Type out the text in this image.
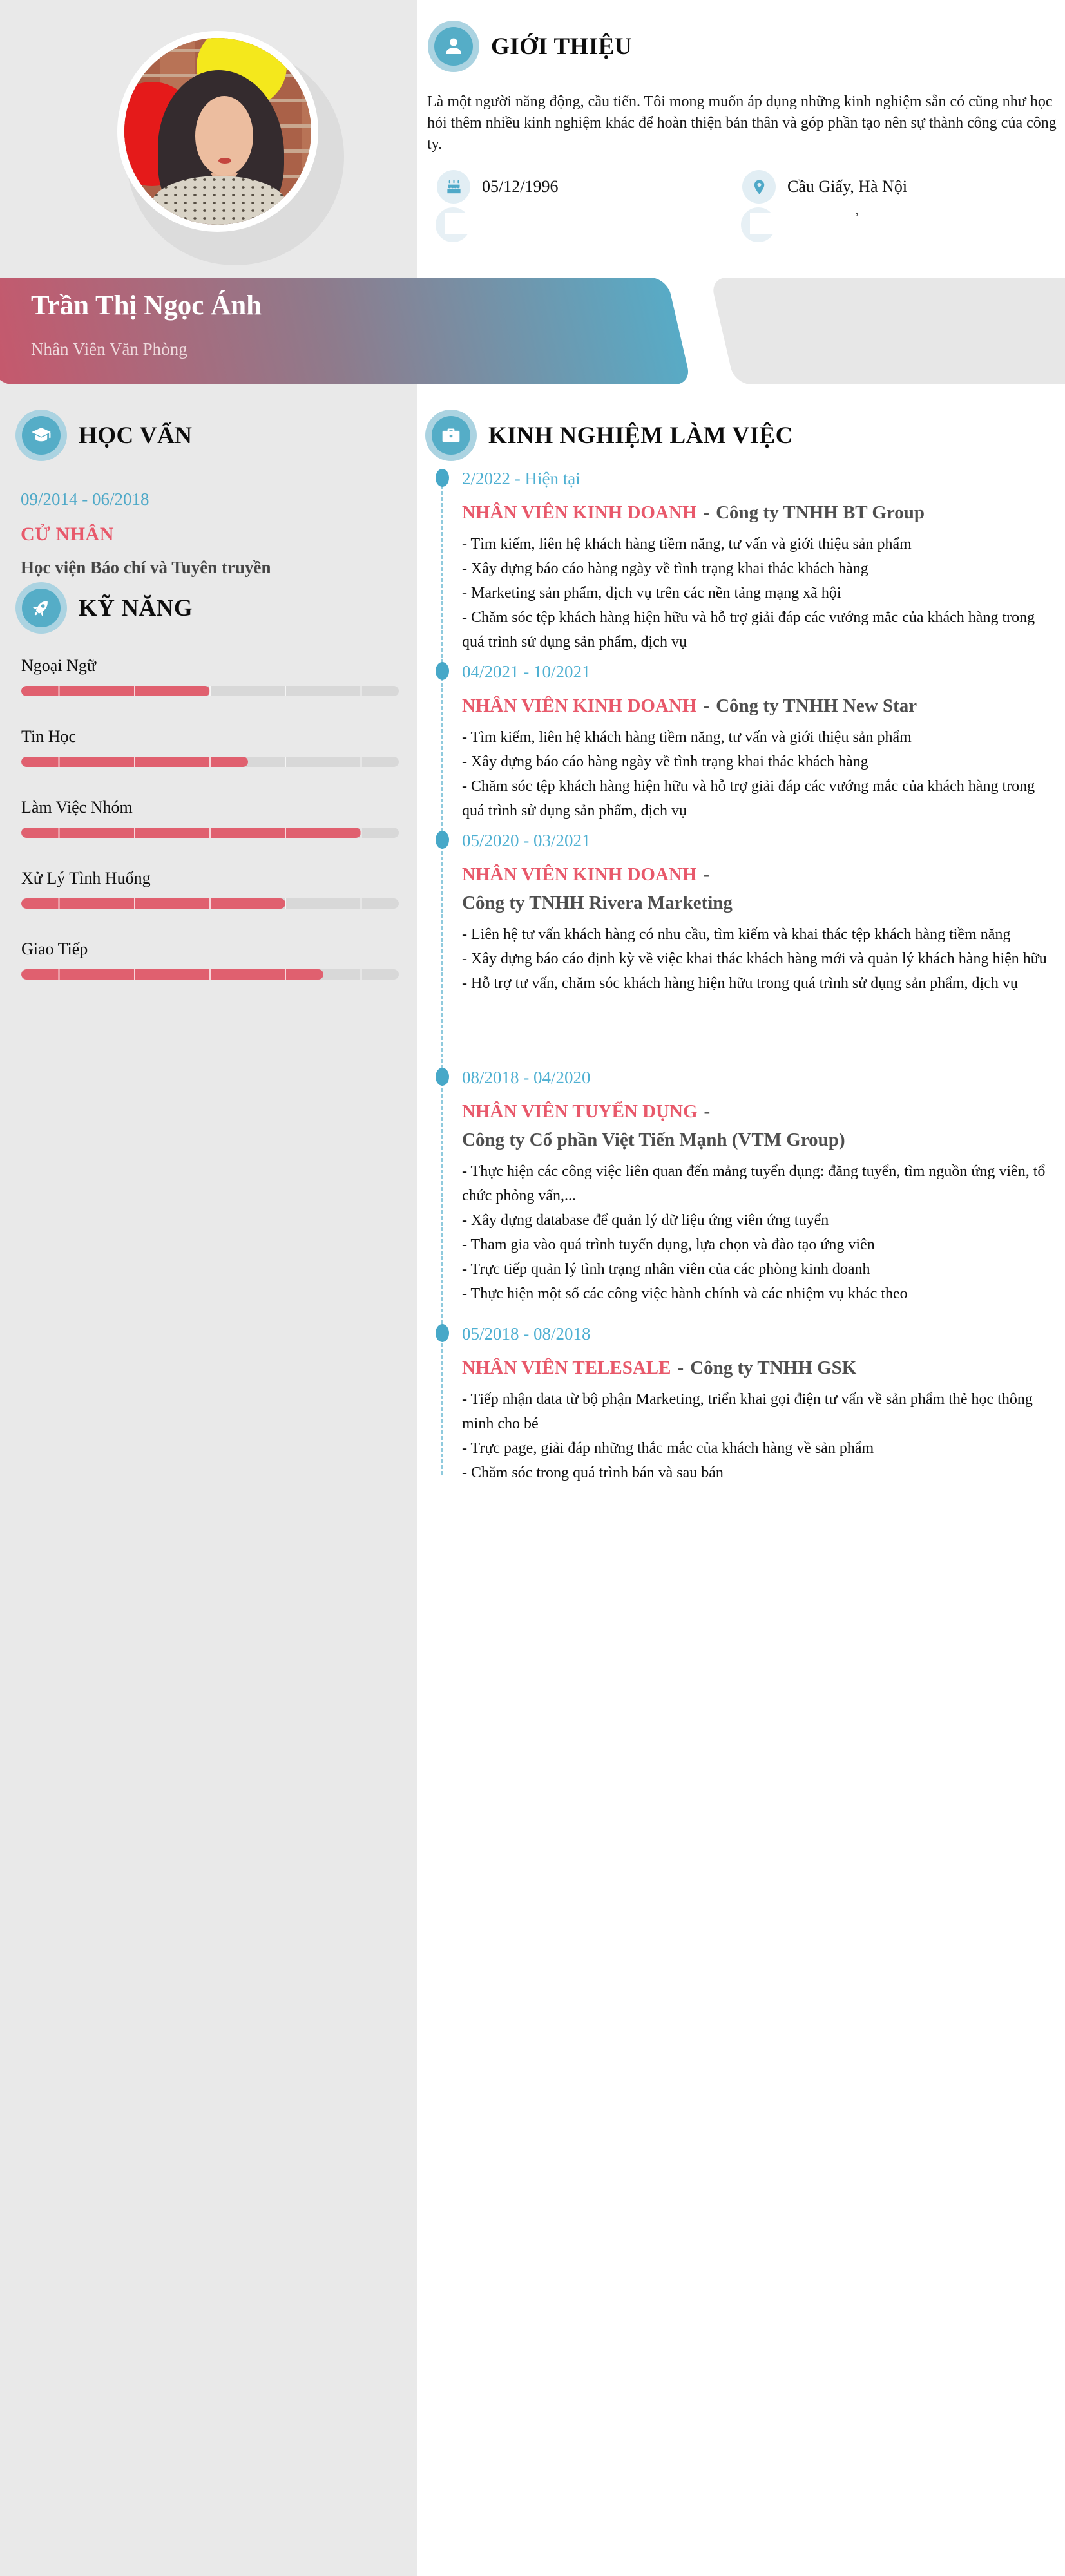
Trần Thị Ngọc Ánh
Nhân Viên Văn Phòng
GIỚI THIỆU
Là một người năng động, cầu tiến. Tôi mong muốn áp dụng những kinh nghiệm sẵn có cũng như học hỏi thêm nhiều kinh nghiệm khác để hoàn thiện bản thân và góp phần tạo nên sự thành công của công ty.
05/12/1996	Cầu Giấy, Hà Nội
’
HỌC VẤN
09/2014 - 06/2018
CỬ NHÂN
Học viện Báo chí và Tuyên truyền
KỸ NĂNG
Ngoại Ngữ
Tin Học
Làm Việc Nhóm
Xử Lý Tình Huống
Giao Tiếp
KINH NGHIỆM LÀM VIỆC
2/2022 - Hiện tại
NHÂN VIÊN KINH DOANH - Công ty TNHH BT Group
- Tìm kiếm, liên hệ khách hàng tiềm năng, tư vấn và giới thiệu sản phẩm
- Xây dựng báo cáo hàng ngày về tình trạng khai thác khách hàng
- Marketing sản phẩm, dịch vụ trên các nền tảng mạng xã hội
- Chăm sóc tệp khách hàng hiện hữu và hỗ trợ giải đáp các vướng mắc của khách hàng trong quá trình sử dụng sản phẩm, dịch vụ
04/2021 - 10/2021
NHÂN VIÊN KINH DOANH - Công ty TNHH New Star
- Tìm kiếm, liên hệ khách hàng tiềm năng, tư vấn và giới thiệu sản phẩm
- Xây dựng báo cáo hàng ngày về tình trạng khai thác khách hàng
- Chăm sóc tệp khách hàng hiện hữu và hỗ trợ giải đáp các vướng mắc của khách hàng trong quá trình sử dụng sản phẩm, dịch vụ
05/2020 - 03/2021
NHÂN VIÊN KINH DOANH -
Công ty TNHH Rivera Marketing
- Liên hệ tư vấn khách hàng có nhu cầu, tìm kiếm và khai thác tệp khách hàng tiềm năng
- Xây dựng báo cáo định kỳ về việc khai thác khách hàng mới và quản lý khách hàng hiện hữu
- Hỗ trợ tư vấn, chăm sóc khách hàng hiện hữu trong quá trình sử dụng sản phẩm, dịch vụ
08/2018 - 04/2020
NHÂN VIÊN TUYỂN DỤNG -
Công ty Cổ phần Việt Tiến Mạnh (VTM Group)
- Thực hiện các công việc liên quan đến mảng tuyển dụng: đăng tuyển, tìm nguồn ứng viên, tổ chức phỏng vấn,...
- Xây dựng database để quản lý dữ liệu ứng viên ứng tuyển
- Tham gia vào quá trình tuyển dụng, lựa chọn và đào tạo ứng viên
- Trực tiếp quản lý tình trạng nhân viên của các phòng kinh doanh
- Thực hiện một số các công việc hành chính và các nhiệm vụ khác theo
05/2018 - 08/2018
NHÂN VIÊN TELESALE - Công ty TNHH GSK
- Tiếp nhận data từ bộ phận Marketing, triển khai gọi điện tư vấn về sản phẩm thẻ học thông minh cho bé
- Trực page, giải đáp những thắc mắc của khách hàng về sản phẩm
- Chăm sóc trong quá trình bán và sau bán
